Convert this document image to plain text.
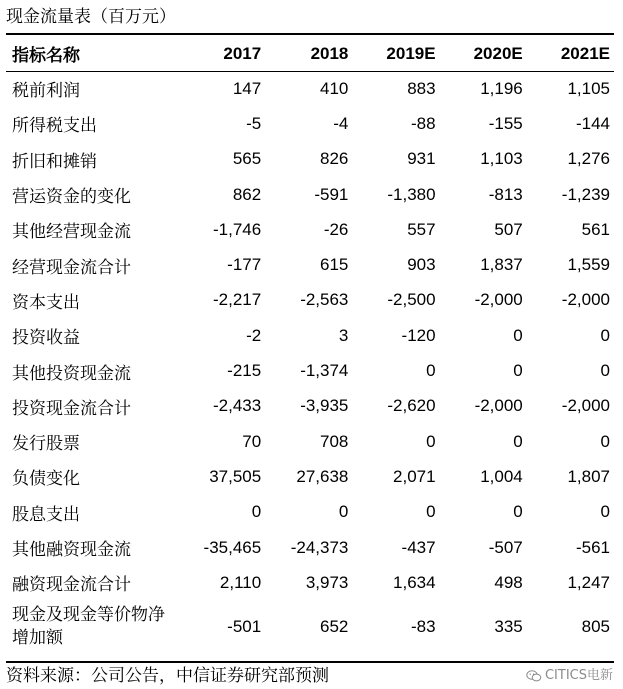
现金流量表（百万元）
指标名称	2017	2018	2019E	2020E	2021E
税前利润	147	410	883	1,196	1,105
所得税支出	-5	-4	-88	-155	-144
折旧和摊销	565	826	931	1,103	1,276
营运资金的变化	862	-591	-1,380	-813	-1,239
其他经营现金流	-1,746	-26	557	507	561
经营现金流合计	-177	615	903	1,837	1,559
资本支出	-2,217	-2,563	-2,500	-2,000	-2,000
投资收益	-2	3	-120	0	0
其他投资现金流	-215	-1,374	0	0	0
投资现金流合计	-2,433	-3,935	-2,620	-2,000	-2,000
发行股票	70	708	0	0	0
负债变化	37,505	27,638	2,071	1,004	1,807
股息支出	0	0	0	0	0
其他融资现金流	-35,465	-24,373	-437	-507	-561
融资现金流合计	2,110	3,973	1,634	498	1,247
现金及现金等价物净增加额	-501	652	-83	335	805
资料来源：公司公告，中信证券研究部预测	CITICS电新
